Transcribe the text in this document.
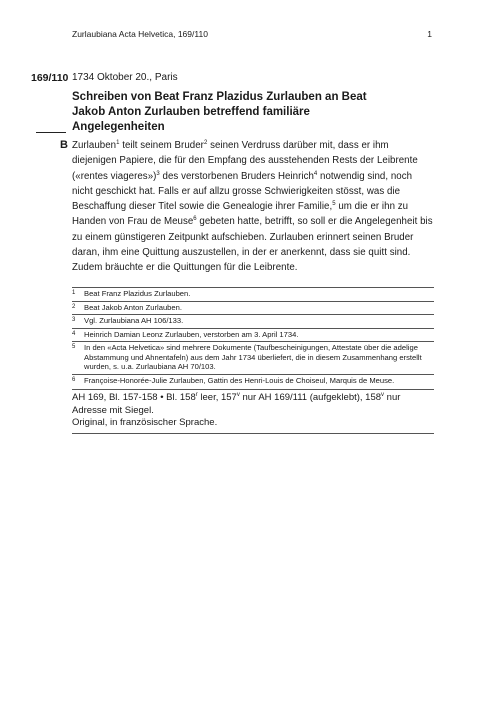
Zurlaubiana Acta Helvetica, 169/110	1
169/110 1734 Oktober 20., Paris
Schreiben von Beat Franz Plazidus Zurlauben an Beat Jakob Anton Zurlauben betreffend familiäre Angelegenheiten
B Zurlauben$^1$ teilt seinem Bruder$^2$ seinen Verdruss darüber mit, dass er ihm diejenigen Papiere, die für den Empfang des ausstehenden Rests der Leibrente («rentes viageres»)$^3$ des verstorbenen Bruders Heinrich$^4$ notwendig sind, noch nicht geschickt hat. Falls er auf allzu grosse Schwierigkeiten stösst, was die Beschaffung dieser Titel sowie die Genealogie ihrer Familie,$^5$ um die er ihn zu Handen von Frau de Meuse$^6$ gebeten hatte, betrifft, so soll er die Angelegenheit bis zu einem günstigeren Zeitpunkt aufschieben. Zurlauben erinnert seinen Bruder daran, ihm eine Quittung auszustellen, in der er anerkennt, dass sie quitt sind. Zudem bräuchte er die Quittungen für die Leibrente.
1	Beat Franz Plazidus Zurlauben.
2	Beat Jakob Anton Zurlauben.
3	Vgl. Zurlaubiana AH 106/133.
4	Heinrich Damian Leonz Zurlauben, verstorben am 3. April 1734.
5	In den «Acta Helvetica» sind mehrere Dokumente (Taufbescheinigungen, Attestate über die adelige Abstammung und Ahnentafeln) aus dem Jahr 1734 überliefert, die in diesem Zusammenhang erstellt wurden, s. u.a. Zurlaubiana AH 70/103.
6	Françoise-Honorée-Julie Zurlauben, Gattin des Henri-Louis de Choiseul, Marquis de Meuse.
AH 169, Bl. 157-158 • Bl. 158$^r$ leer, 157$^v$ nur AH 169/111 (aufgeklebt), 158$^v$ nur Adresse mit Siegel.
Original, in französischer Sprache.
